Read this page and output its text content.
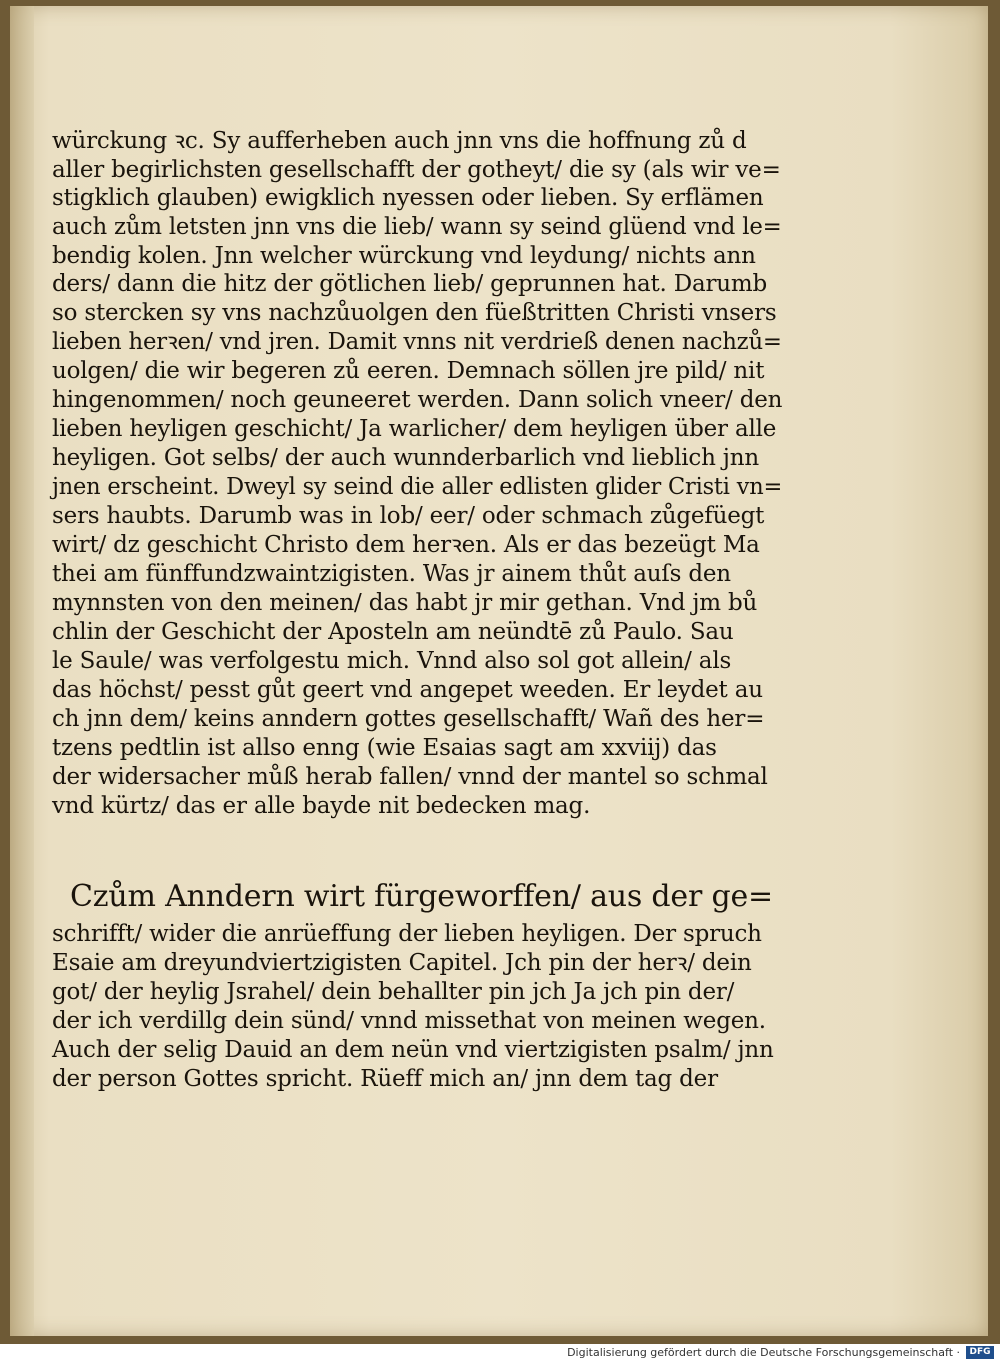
würckung ꝛc. Sy aufferheben auch jnn vns die hoffnung zů d
aller begirlichsten gesellschafft der gotheyt/ die sy (als wir ve=
stigklich glauben) ewigklich nyessen oder lieben. Sy erflämen
auch zům letsten jnn vns die lieb/ wann sy seind glüend vnd le=
bendig kolen. Jnn welcher würckung vnd leydung/ nichts ann
ders/ dann die hitz der götlichen lieb/ geprunnen hat. Darumb
so stercken sy vns nachzůuolgen den füeßtritten Christi vnsers
lieben herꝛen/ vnd jren. Damit vnns nit verdrieß denen nachzů=
uolgen/ die wir begeren zů eeren. Demnach söllen jre pild/ nit
hingenommen/ noch geuneeret werden. Dann solich vneer/ den
lieben heyligen geschicht/ Ja warlicher/ dem heyligen über alle
heyligen. Got selbs/ der auch wunnderbarlich vnd lieblich jnn
jnen erscheint. Dweyl sy seind die aller edlisten glider Cristi vn=
sers haubts. Darumb was in lob/ eer/ oder schmach zůgefüegt
wirt/ dz geschicht Christo dem herꝛen. Als er das bezeügt Ma
thei am fünffundzwaintzigisten. Was jr ainem thůt auſs den
mynnsten von den meinen/ das habt jr mir gethan. Vnd jm bů
chlin der Geschicht der Aposteln am neündtē zů Paulo. Sau
le Saule/ was verfolgestu mich. Vnnd also sol got allein/ als
das höchst/ pesst gůt geert vnd angepet weeden. Er leydet au
ch jnn dem/ keins anndern gottes gesellschafft/ Wañ des her=
tzens pedtlin ist allso enng (wie Esaias sagt am xxviij) das
der widersacher můß herab fallen/ vnnd der mantel so schmal
vnd kürtz/ das er alle bayde nit bedecken mag.
Czům Anndern wirt fürgeworffen/ aus der ge=
schrifft/ wider die anrüeffung der lieben heyligen. Der spruch
Esaie am dreyundviertzigisten Capitel. Jch pin der herꝛ/ dein
got/ der heylig Jsrahel/ dein behallter pin jch Ja jch pin der/
der ich verdillg dein sünd/ vnnd missethat von meinen wegen.
Auch der selig Dauid an dem neün vnd viertzigisten psalm/ jnn
der person Gottes spricht. Rüeff mich an/ jnn dem tag der
Digitalisierung gefördert durch die Deutsche Forschungsgemeinschaft ·	DFG
